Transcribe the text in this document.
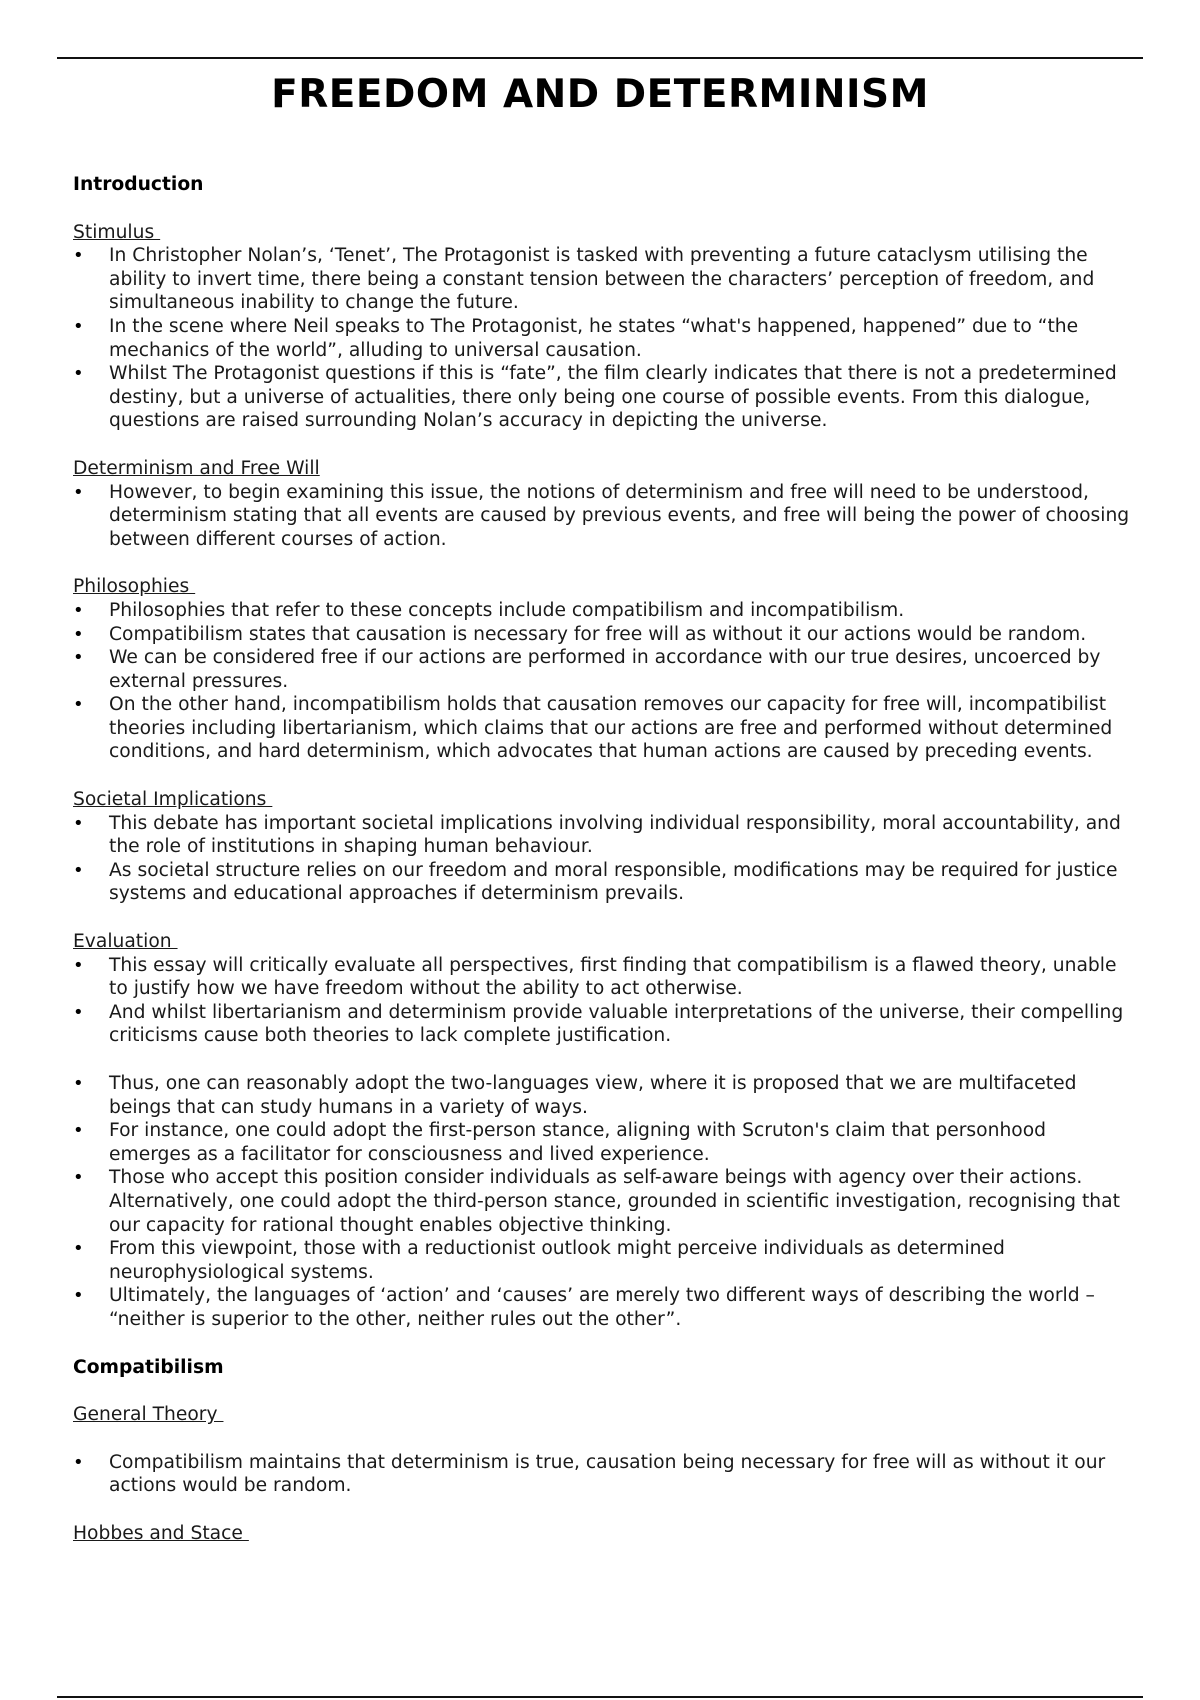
FREEDOM AND DETERMINISM

Introduction

Stimulus

• In Christopher Nolan’s, ‘Tenet’, The Protagonist is tasked with preventing a future cataclysm utilising the ability to invert time, there being a constant tension between the characters’ perception of freedom, and simultaneous inability to change the future.
• In the scene where Neil speaks to The Protagonist, he states “what's happened, happened” due to “the mechanics of the world”, alluding to universal causation.
• Whilst The Protagonist questions if this is “fate”, the film clearly indicates that there is not a predetermined destiny, but a universe of actualities, there only being one course of possible events. From this dialogue, questions are raised surrounding Nolan’s accuracy in depicting the universe.

Determinism and Free Will

• However, to begin examining this issue, the notions of determinism and free will need to be understood, determinism stating that all events are caused by previous events, and free will being the power of choosing between different courses of action.

Philosophies

• Philosophies that refer to these concepts include compatibilism and incompatibilism.
• Compatibilism states that causation is necessary for free will as without it our actions would be random.
• We can be considered free if our actions are performed in accordance with our true desires, uncoerced by external pressures.
• On the other hand, incompatibilism holds that causation removes our capacity for free will, incompatibilist theories including libertarianism, which claims that our actions are free and performed without determined conditions, and hard determinism, which advocates that human actions are caused by preceding events.

Societal Implications

• This debate has important societal implications involving individual responsibility, moral accountability, and the role of institutions in shaping human behaviour.
• As societal structure relies on our freedom and moral responsible, modifications may be required for justice systems and educational approaches if determinism prevails.

Evaluation

• This essay will critically evaluate all perspectives, first finding that compatibilism is a flawed theory, unable to justify how we have freedom without the ability to act otherwise.
• And whilst libertarianism and determinism provide valuable interpretations of the universe, their compelling criticisms cause both theories to lack complete justification.
• Thus, one can reasonably adopt the two-languages view, where it is proposed that we are multifaceted beings that can study humans in a variety of ways.
• For instance, one could adopt the first-person stance, aligning with Scruton's claim that personhood emerges as a facilitator for consciousness and lived experience.
• Those who accept this position consider individuals as self-aware beings with agency over their actions. Alternatively, one could adopt the third-person stance, grounded in scientific investigation, recognising that our capacity for rational thought enables objective thinking.
• From this viewpoint, those with a reductionist outlook might perceive individuals as determined neurophysiological systems.
• Ultimately, the languages of ‘action’ and ‘causes’ are merely two different ways of describing the world – “neither is superior to the other, neither rules out the other”.

Compatibilism

General Theory

• Compatibilism maintains that determinism is true, causation being necessary for free will as without it our actions would be random.

Hobbes and Stace
